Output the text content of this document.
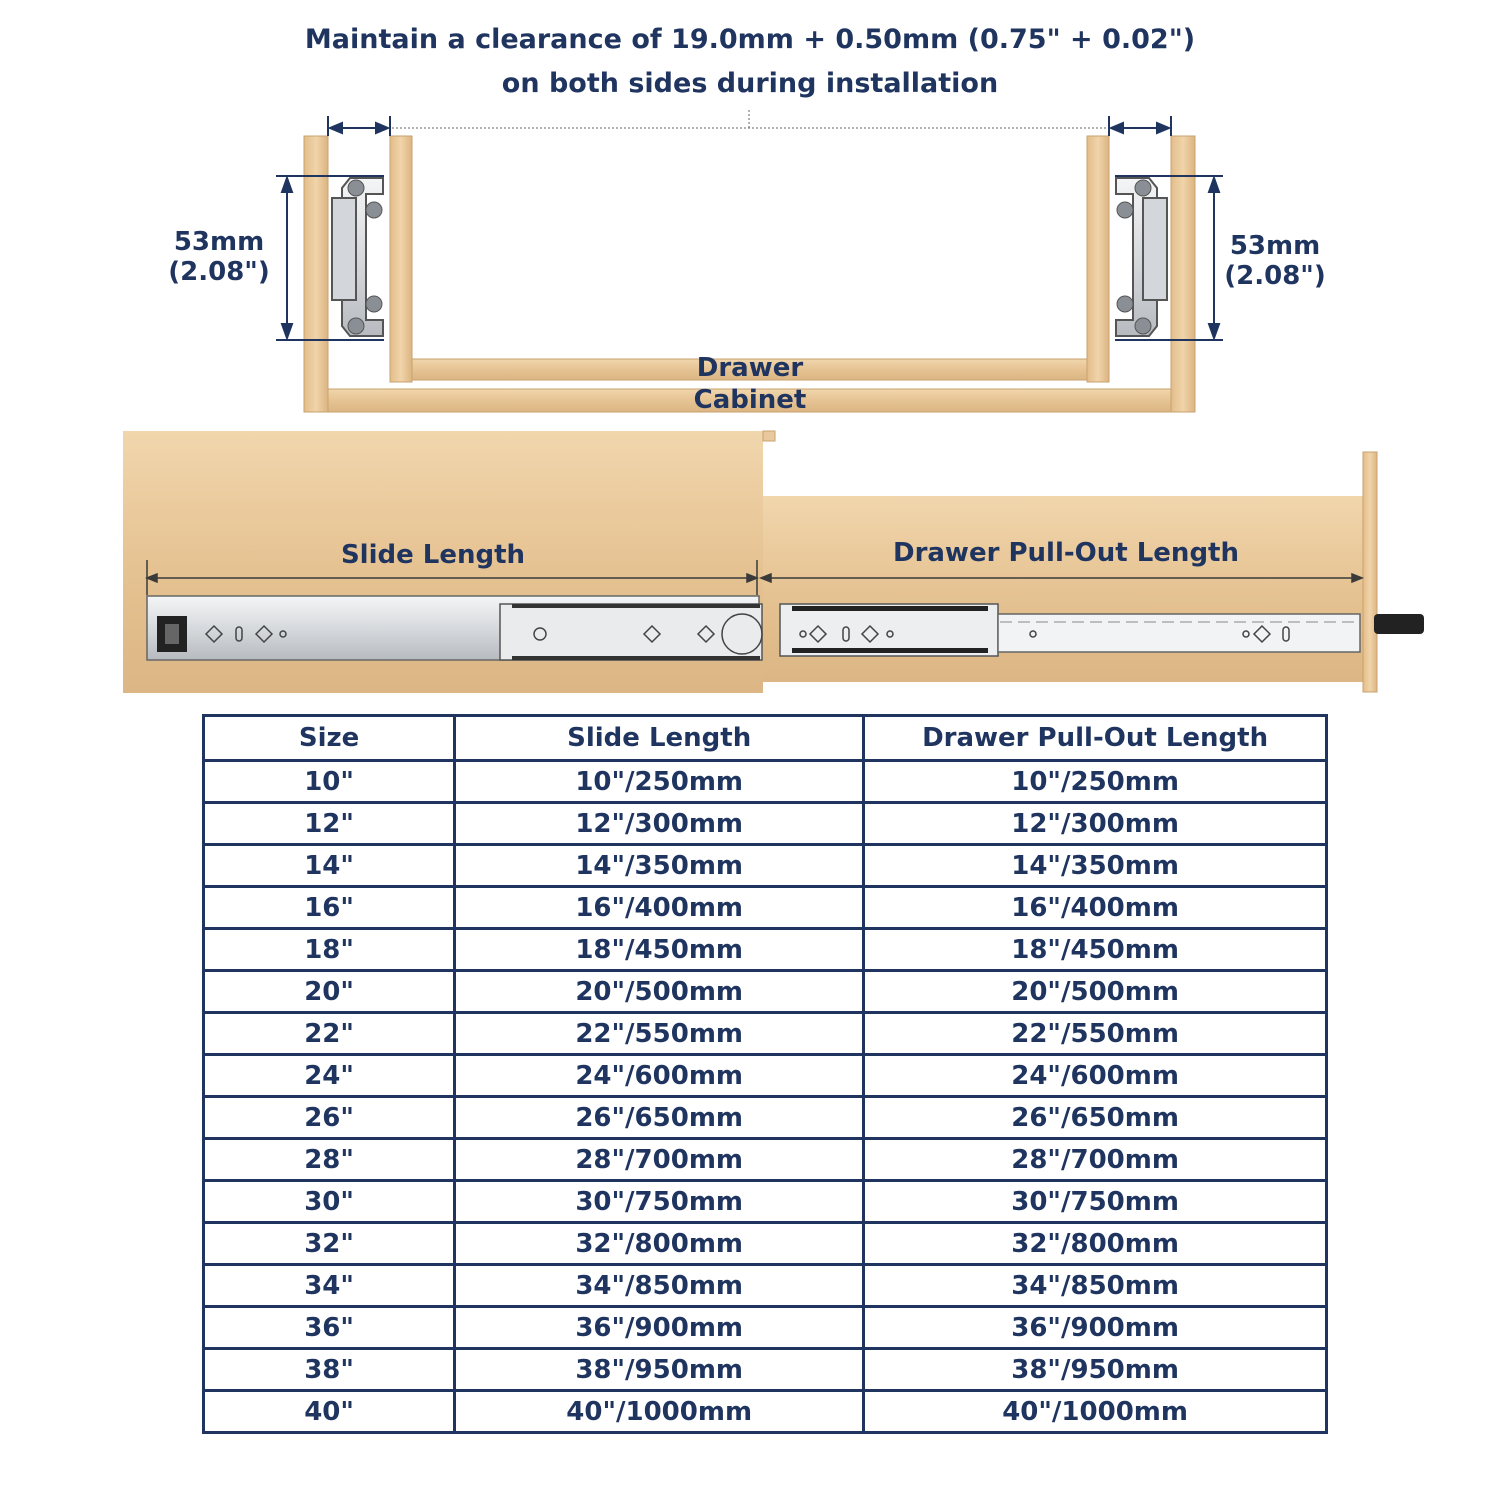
Maintain a clearance of 19.0mm + 0.50mm (0.75" + 0.02")
on both sides during installation
53mm
(2.08")
53mm
(2.08")
Drawer
Cabinet
Slide Length	Drawer Pull-Out Length
Size	Slide Length	Drawer Pull-Out Length
10"	10"/250mm	10"/250mm
12"	12"/300mm	12"/300mm
14"	14"/350mm	14"/350mm
16"	16"/400mm	16"/400mm
18"	18"/450mm	18"/450mm
20"	20"/500mm	20"/500mm
22"	22"/550mm	22"/550mm
24"	24"/600mm	24"/600mm
26"	26"/650mm	26"/650mm
28"	28"/700mm	28"/700mm
30"	30"/750mm	30"/750mm
32"	32"/800mm	32"/800mm
34"	34"/850mm	34"/850mm
36"	36"/900mm	36"/900mm
38"	38"/950mm	38"/950mm
40"	40"/1000mm	40"/1000mm
